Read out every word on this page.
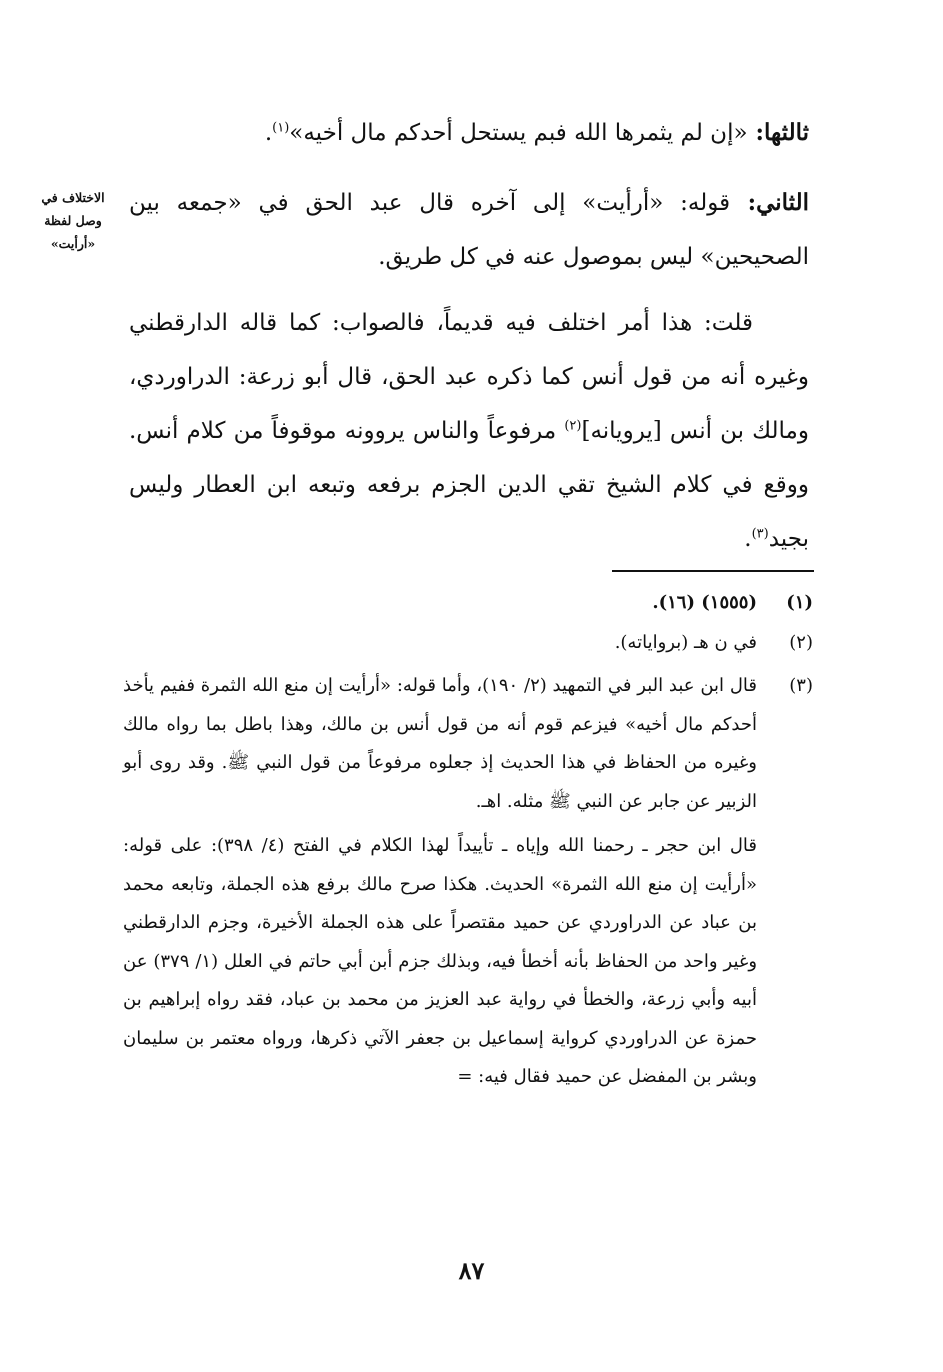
ثالثها: «إن لم يثمرها الله فبم يستحل أحدكم مال أخيه»$^{(١)}$.
الثاني: قوله: «أرأيت» إلى آخره قال عبد الحق في «جمعه بين الصحيحين» ليس بموصول عنه في كل طريق.
الاختلاف في
وصل لفظة
«أرأيت»
قلت: هذا أمر اختلف فيه قديماً، فالصواب: كما قاله الدارقطني وغيره أنه من قول أنس كما ذكره عبد الحق، قال أبو زرعة: الدراوردي، ومالك بن أنس [يرويانه]$^{(٢)}$ مرفوعاً والناس يروونه موقوفاً من كلام أنس. ووقع في كلام الشيخ تقي الدين الجزم برفعه وتبعه ابن العطار وليس بجيد$^{(٣)}$.
(١)
(١٥٥٥) (١٦).
(٢)
في ن هـ (برواياته).
(٣)
قال ابن عبد البر في التمهيد (٢/ ١٩٠)، وأما قوله: «أرأيت إن منع الله الثمرة ففيم يأخذ أحدكم مال أخيه» فيزعم قوم أنه من قول أنس بن مالك، وهذا باطل بما رواه مالك وغيره من الحفاظ في هذا الحديث إذ جعلوه مرفوعاً من قول النبي ﷺ. وقد روى أبو الزبير عن جابر عن النبي ﷺ مثله. اهـ.
قال ابن حجر ـ رحمنا الله وإياه ـ تأييداً لهذا الكلام في الفتح (٤/ ٣٩٨): على قوله: «أرأيت إن منع الله الثمرة» الحديث. هكذا صرح مالك برفع هذه الجملة، وتابعه محمد بن عباد عن الدراوردي عن حميد مقتصراً على هذه الجملة الأخيرة، وجزم الدارقطني وغير واحد من الحفاظ بأنه أخطأ فيه، وبذلك جزم أبن أبي حاتم في العلل (١/ ٣٧٩) عن أبيه وأبي زرعة، والخطأ في رواية عبد العزيز من محمد بن عباد، فقد رواه إبراهيم بن حمزة عن الدراوردي كرواية إسماعيل بن جعفر الآتي ذكرها، ورواه معتمر بن سليمان وبشر بن المفضل عن حميد فقال فيه: =
٨٧
